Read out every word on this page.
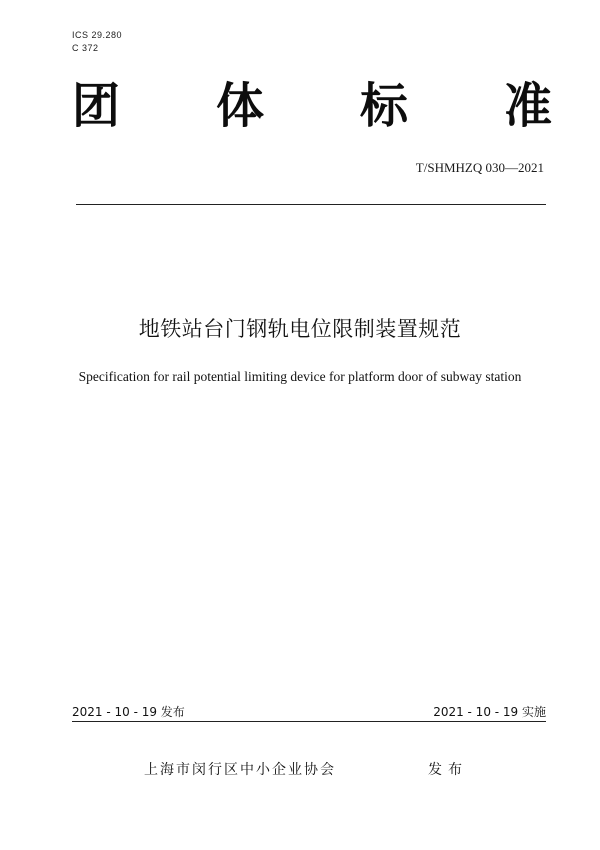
ICS 29.280
C 372
团 体 标 准
T/SHMHZQ 030—2021
地铁站台门钢轨电位限制装置规范
Specification for rail potential limiting device for platform door of subway station
2021 - 10 - 19 发布	2021 - 10 - 19 实施
上海市闵行区中小企业协会	发布
